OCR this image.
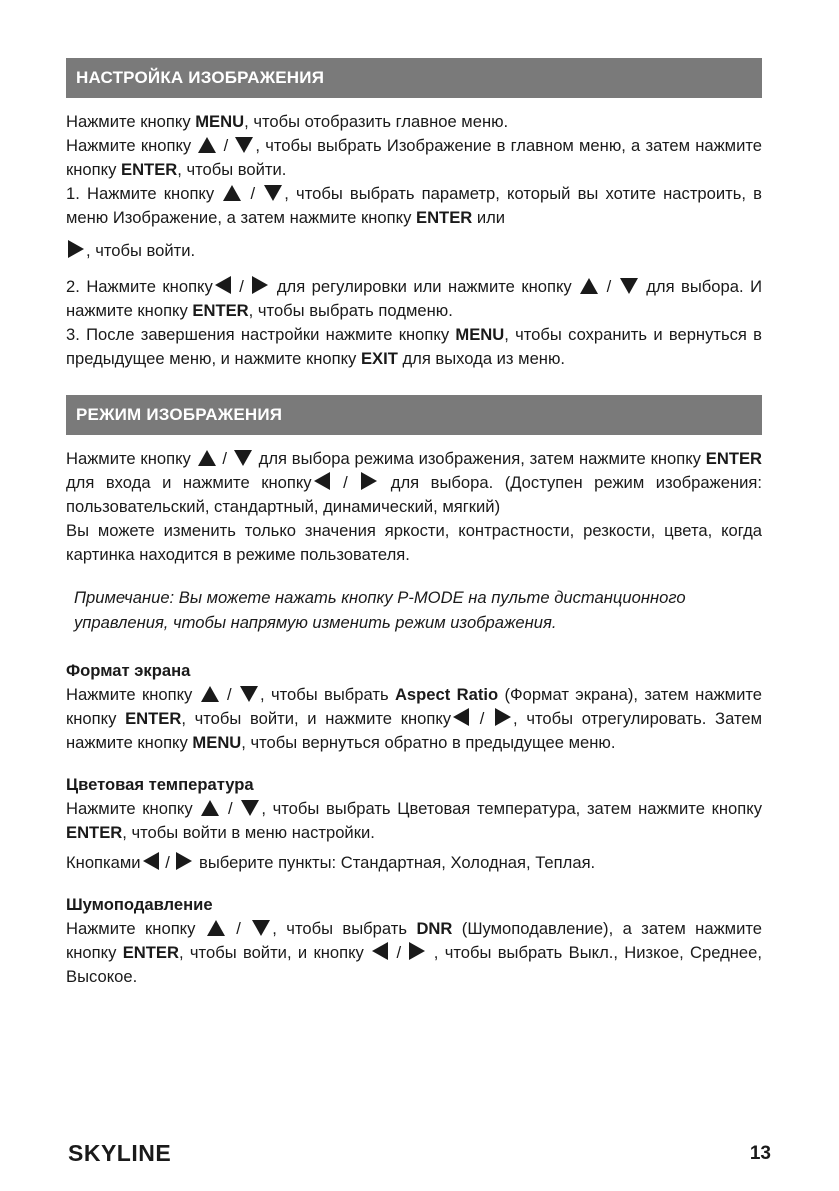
НАСТРОЙКА ИЗОБРАЖЕНИЯ

Нажмите кнопку MENU, чтобы отобразить главное меню.

Нажмите кнопку
/
, чтобы выбрать Изображение в главном меню, а затем нажмите кнопку ENTER, чтобы войти.

1. Нажмите кнопку
/
, чтобы выбрать параметр, который вы хотите настроить, в меню Изображение, а затем нажмите кнопку ENTER или

, чтобы войти.

2. Нажмите кнопку
/
для регулировки или нажмите кнопку
/
для выбора. И нажмите кнопку ENTER, чтобы выбрать подменю.

3. После завершения настройки нажмите кнопку MENU, чтобы сохранить и вернуться в предыдущее меню, и нажмите кнопку EXIT для выхода из меню.

РЕЖИМ ИЗОБРАЖЕНИЯ

Нажмите кнопку
/
для выбора режима изображения, затем нажмите кнопку ENTER для входа и нажмите кнопку
/
для выбора. (Доступен режим изображения: пользовательский, стандартный, динамический, мягкий)

Вы можете изменить только значения яркости, контрастности, резкости, цвета, когда картинка находится в режиме пользователя.

Примечание: Вы можете нажать кнопку P-MODE на пульте дистанционного управления, чтобы напрямую изменить режим изображения.

Формат экрана

Нажмите кнопку
/
, чтобы выбрать Aspect Ratio (Формат экрана), затем нажмите кнопку ENTER, чтобы войти, и нажмите кнопку
/
, чтобы отрегулировать. Затем нажмите кнопку MENU, чтобы вернуться обратно в предыдущее меню.

Цветовая температура

Нажмите кнопку
/
, чтобы выбрать Цветовая температура, затем нажмите кнопку ENTER, чтобы войти в меню настройки.

Кнопками
/
выберите пункты: Стандартная, Холодная, Теплая.

Шумоподавление

Нажмите кнопку
/
, чтобы выбрать DNR (Шумоподавление), а затем нажмите кнопку ENTER, чтобы войти, и кнопку
/
, чтобы выбрать Выкл., Низкое, Среднее, Высокое.

SKYLINE	13
